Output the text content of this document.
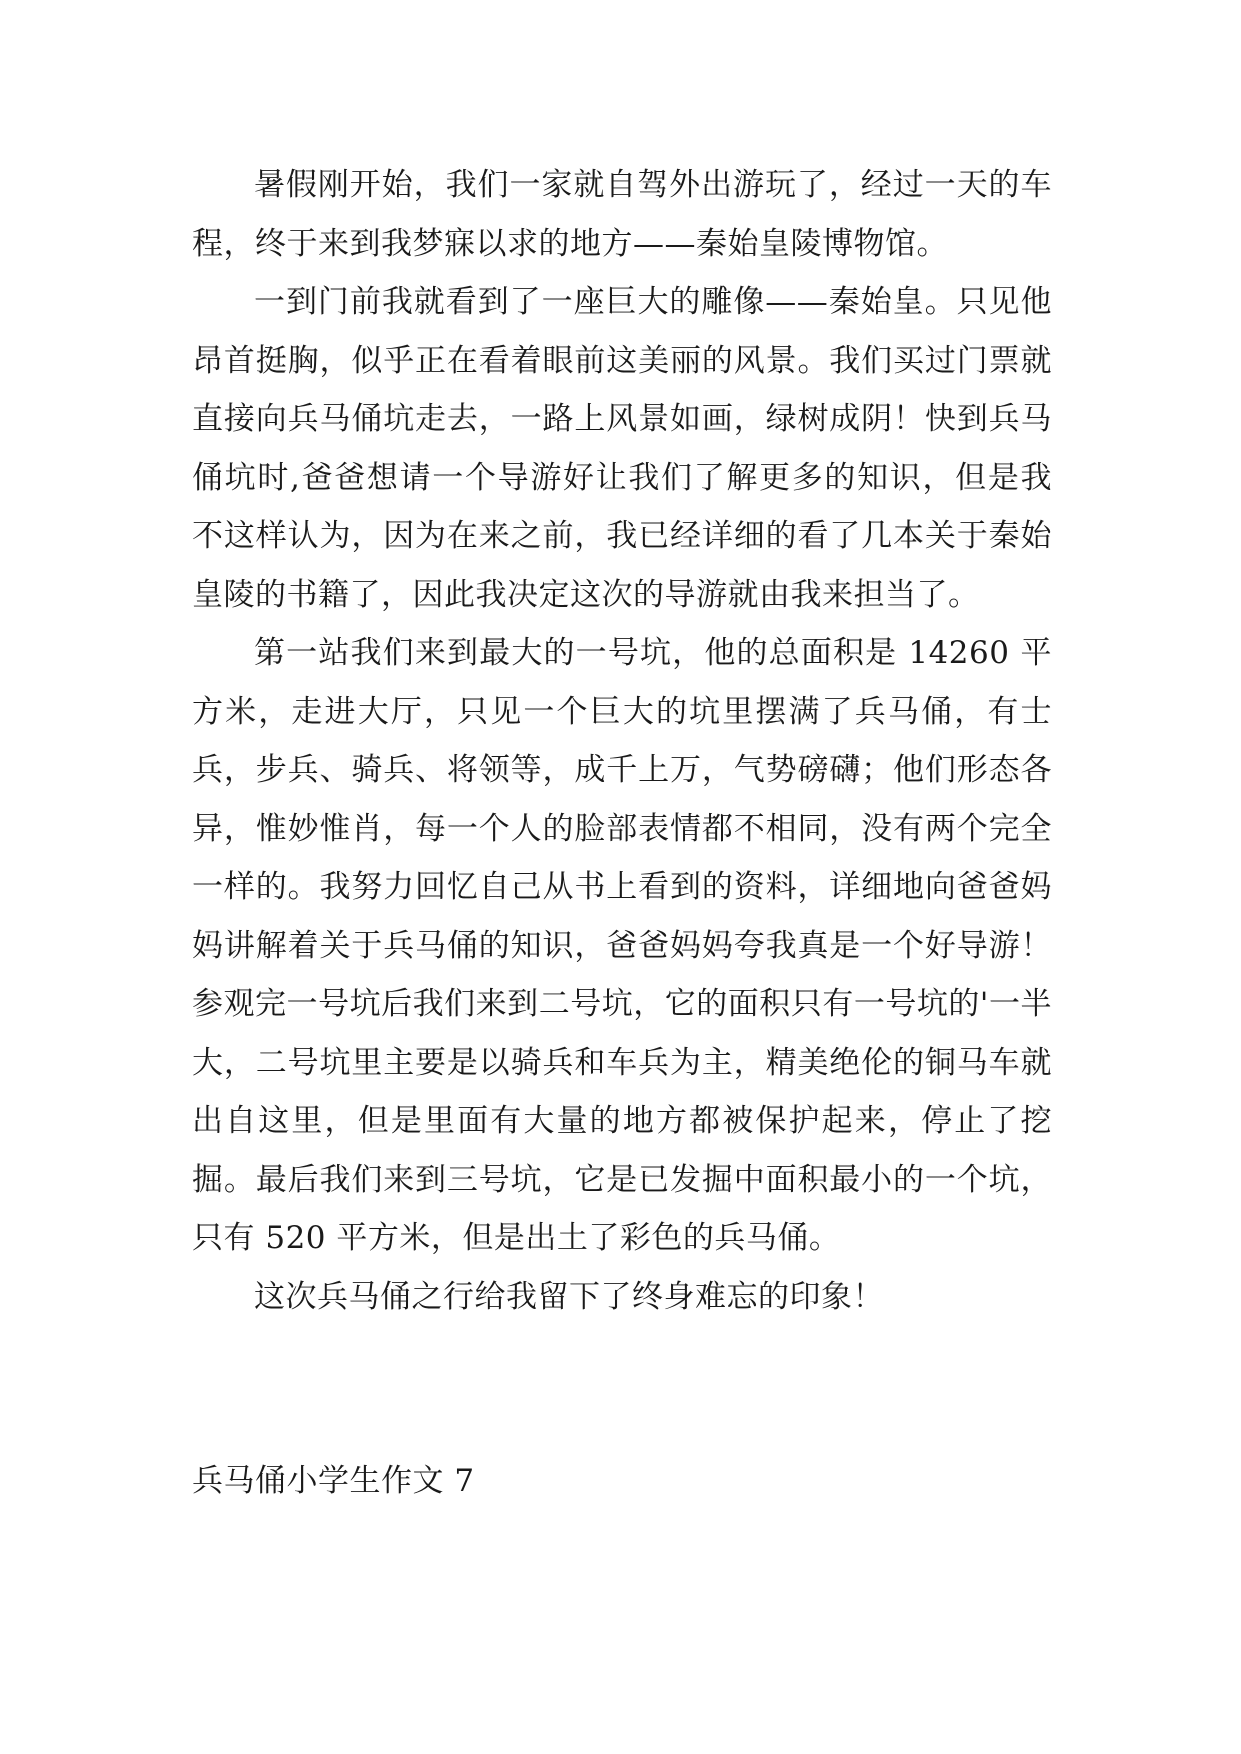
暑假刚开始，我们一家就自驾外出游玩了，经过一天的车程，终于来到我梦寐以求的地方——秦始皇陵博物馆。

一到门前我就看到了一座巨大的雕像——秦始皇。只见他昂首挺胸，似乎正在看着眼前这美丽的风景。我们买过门票就直接向兵马俑坑走去，一路上风景如画，绿树成阴！快到兵马俑坑时,爸爸想请一个导游好让我们了解更多的知识，但是我不这样认为，因为在来之前，我已经详细的看了几本关于秦始皇陵的书籍了，因此我决定这次的导游就由我来担当了。

第一站我们来到最大的一号坑，他的总面积是 14260 平方米，走进大厅，只见一个巨大的坑里摆满了兵马俑，有士兵，步兵、骑兵、将领等，成千上万，气势磅礴；他们形态各异，惟妙惟肖，每一个人的脸部表情都不相同，没有两个完全一样的。我努力回忆自己从书上看到的资料，详细地向爸爸妈妈讲解着关于兵马俑的知识，爸爸妈妈夸我真是一个好导游！参观完一号坑后我们来到二号坑，它的面积只有一号坑的'一半大，二号坑里主要是以骑兵和车兵为主，精美绝伦的铜马车就出自这里，但是里面有大量的地方都被保护起来，停止了挖掘。最后我们来到三号坑，它是已发掘中面积最小的一个坑，只有 520 平方米，但是出土了彩色的兵马俑。

这次兵马俑之行给我留下了终身难忘的印象！

兵马俑小学生作文 7
